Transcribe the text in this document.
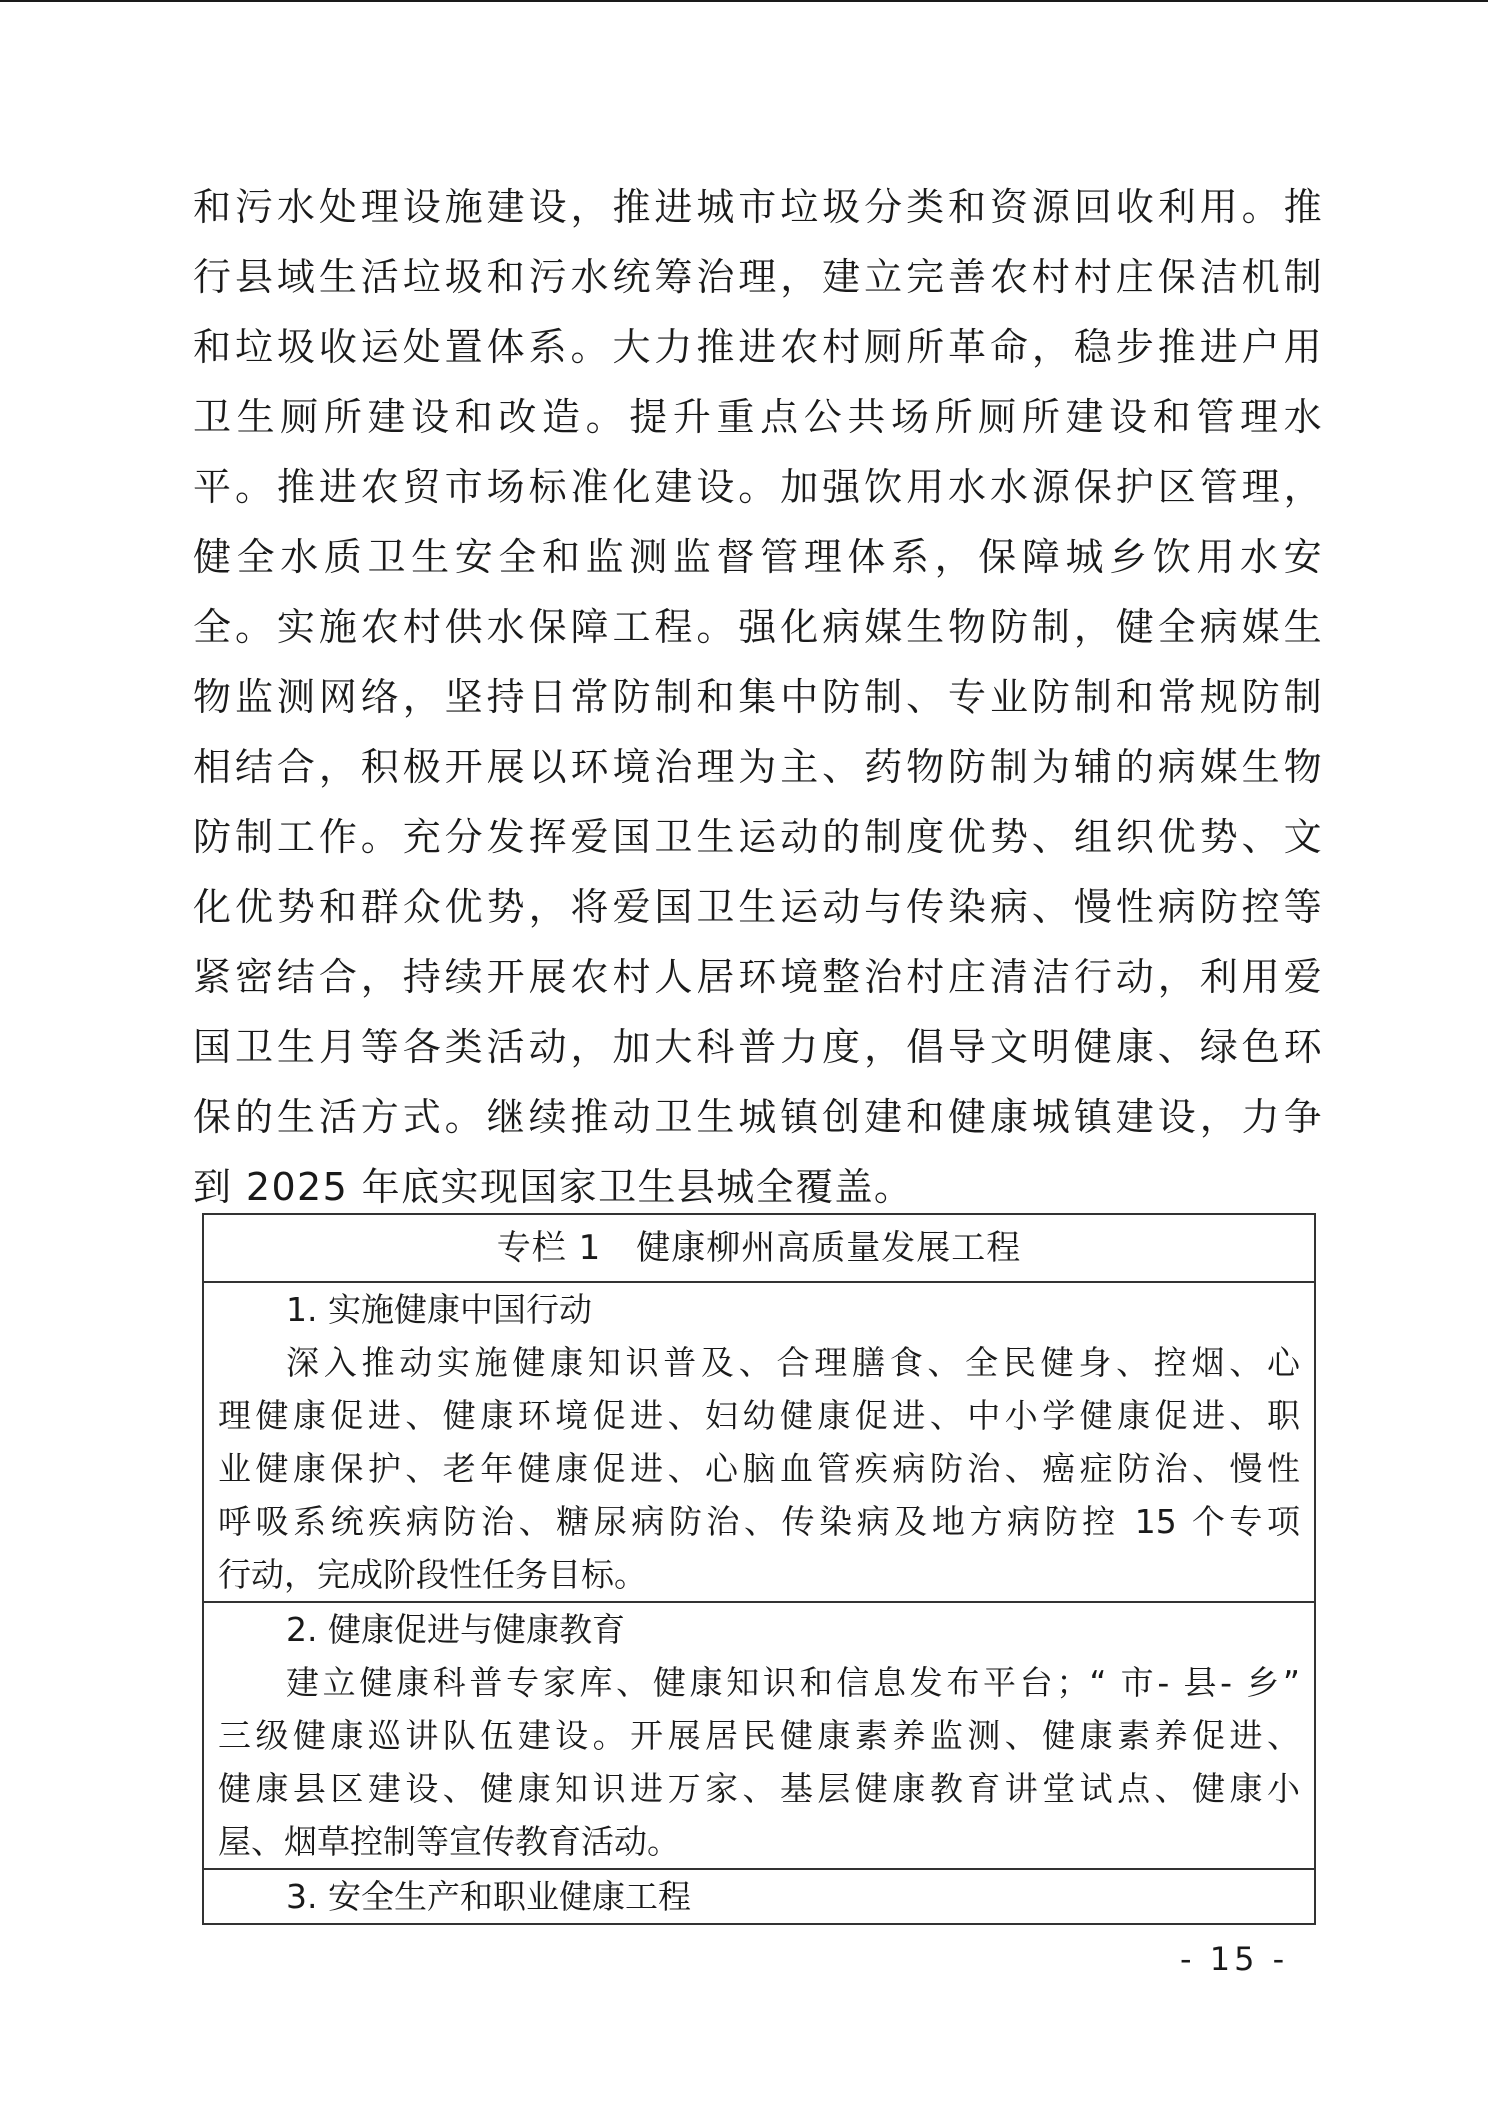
和污水处理设施建设，推进城市垃圾分类和资源回收利用。推
行县域生活垃圾和污水统筹治理，建立完善农村村庄保洁机制
和垃圾收运处置体系。大力推进农村厕所革命，稳步推进户用
卫生厕所建设和改造。提升重点公共场所厕所建设和管理水
平。推进农贸市场标准化建设。加强饮用水水源保护区管理，
健全水质卫生安全和监测监督管理体系，保障城乡饮用水安
全。实施农村供水保障工程。强化病媒生物防制，健全病媒生
物监测网络，坚持日常防制和集中防制、专业防制和常规防制
相结合，积极开展以环境治理为主、药物防制为辅的病媒生物
防制工作。充分发挥爱国卫生运动的制度优势、组织优势、文
化优势和群众优势，将爱国卫生运动与传染病、慢性病防控等
紧密结合，持续开展农村人居环境整治村庄清洁行动，利用爱
国卫生月等各类活动，加大科普力度，倡导文明健康、绿色环
保的生活方式。继续推动卫生城镇创建和健康城镇建设，力争
到 2025 年底实现国家卫生县城全覆盖。
专栏 1　健康柳州高质量发展工程
1. 实施健康中国行动
深入推动实施健康知识普及、合理膳食、全民健身、控烟、心
理健康促进、健康环境促进、妇幼健康促进、中小学健康促进、职
业健康保护、老年健康促进、心脑血管疾病防治、癌症防治、慢性
呼吸系统疾病防治、糖尿病防治、传染病及地方病防控 15 个专项
行动，完成阶段性任务目标。
2. 健康促进与健康教育
建立健康科普专家库、健康知识和信息发布平台；“ 市- 县- 乡”
三级健康巡讲队伍建设。开展居民健康素养监测、健康素养促进、
健康县区建设、健康知识进万家、基层健康教育讲堂试点、健康小
屋、烟草控制等宣传教育活动。
3. 安全生产和职业健康工程
- 15 -
